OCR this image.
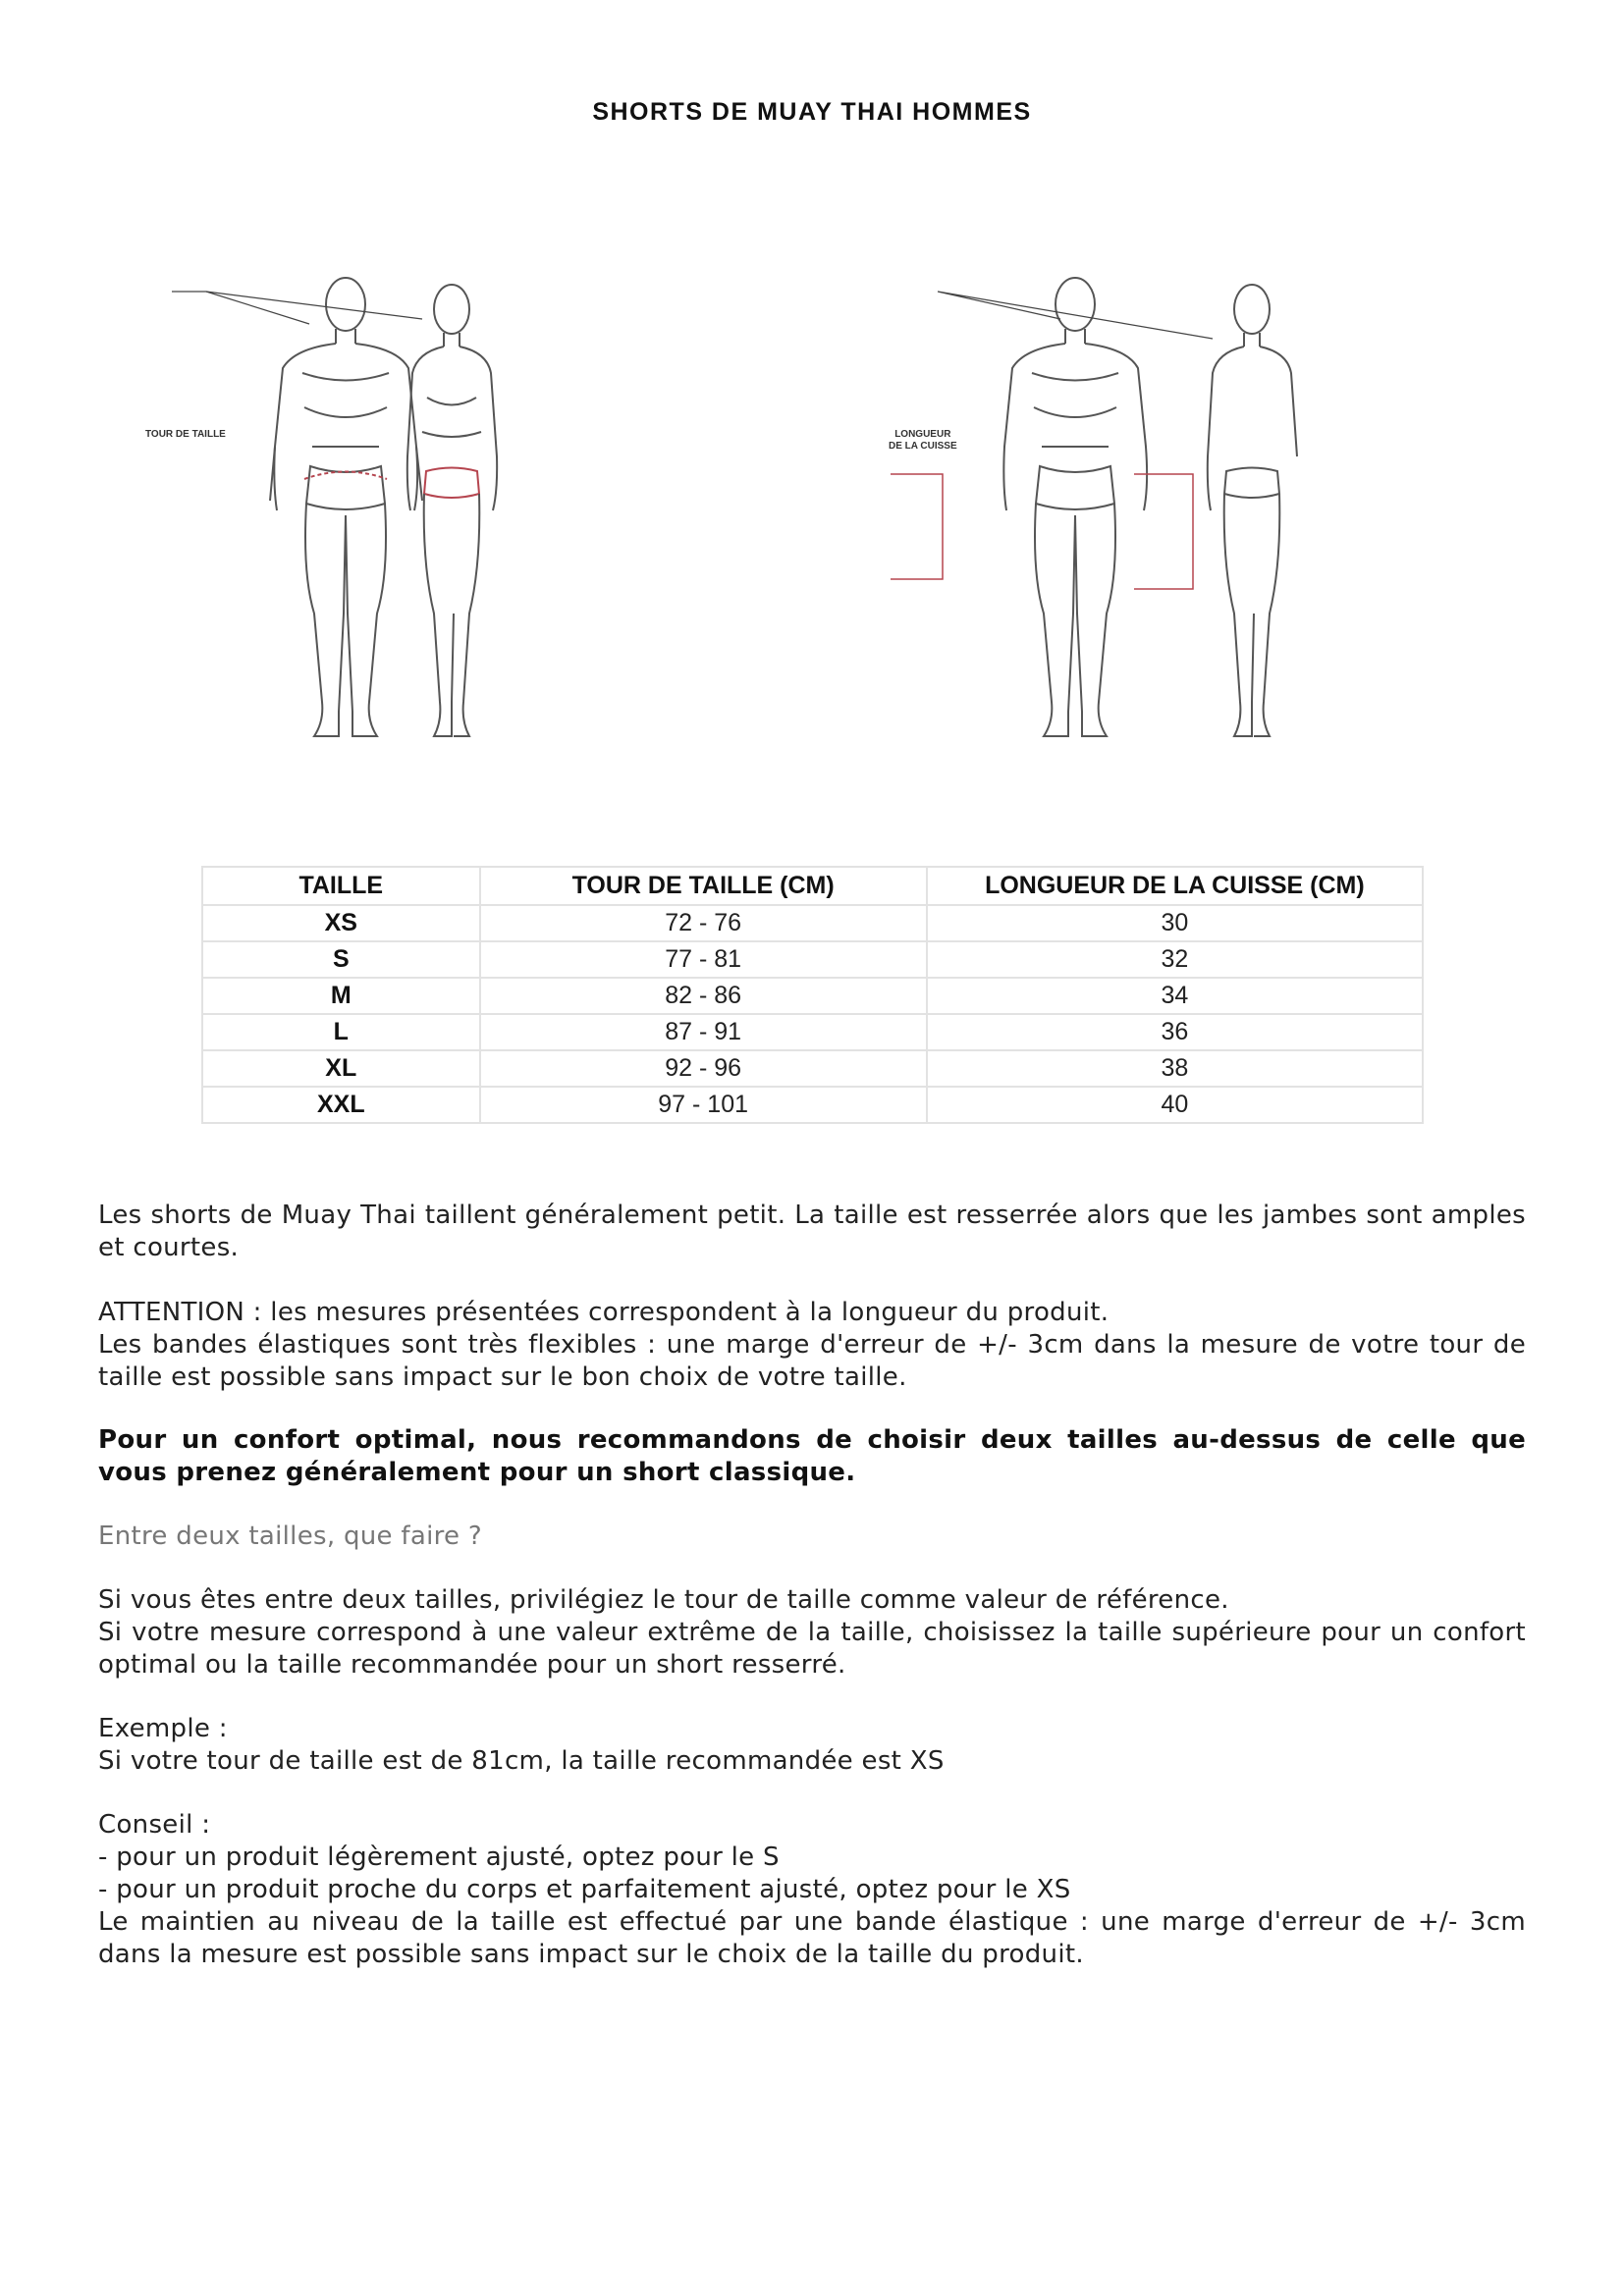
SHORTS DE MUAY THAI HOMMES
TOUR DE TAILLE	LONGUEUR
DE LA CUISSE
TAILLE	TOUR DE TAILLE (CM)	LONGUEUR DE LA CUISSE (CM)
XS	72 - 76	30
S	77 - 81	32
M	82 - 86	34
L	87 - 91	36
XL	92 - 96	38
XXL	97 - 101	40

Les shorts de Muay Thai taillent généralement petit. La taille est resserrée alors que les jambes sont amples et courtes.

ATTENTION : les mesures présentées correspondent à la longueur du produit.

Les bandes élastiques sont très flexibles : une marge d'erreur de +/- 3cm dans la mesure de votre tour de taille est possible sans impact sur le bon choix de votre taille.

Pour un confort optimal, nous recommandons de choisir deux tailles au-dessus de celle que vous prenez généralement pour un short classique.

Entre deux tailles, que faire ?

Si vous êtes entre deux tailles, privilégiez le tour de taille comme valeur de référence.

Si votre mesure correspond à une valeur extrême de la taille, choisissez la taille supérieure pour un confort optimal ou la taille recommandée pour un short resserré.

Exemple :

Si votre tour de taille est de 81cm, la taille recommandée est XS

Conseil :

- pour un produit légèrement ajusté, optez pour le S

- pour un produit proche du corps et parfaitement ajusté, optez pour le XS

Le maintien au niveau de la taille est effectué par une bande élastique : une marge d'erreur de +/- 3cm dans la mesure est possible sans impact sur le choix de la taille du produit.
